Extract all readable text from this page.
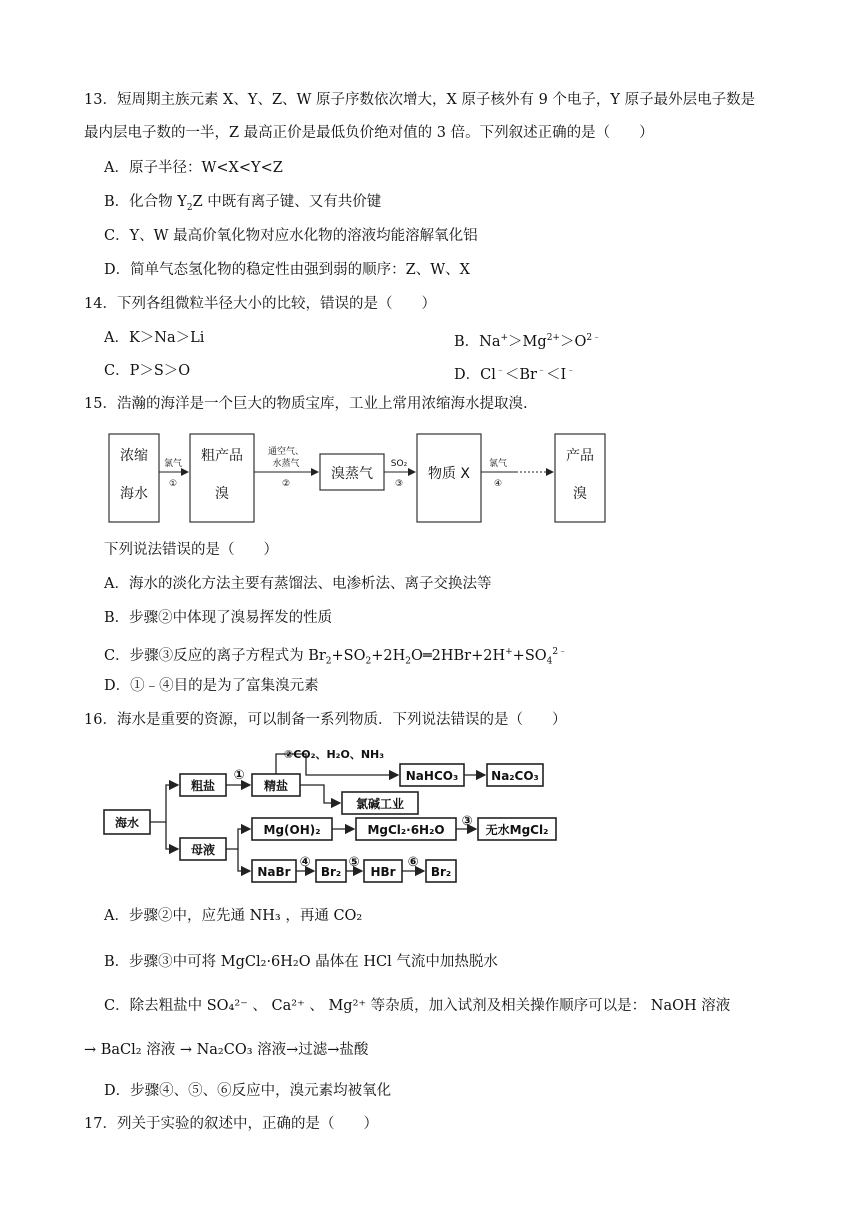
13．短周期主族元素 X、Y、Z、W 原子序数依次增大，X 原子核外有 9 个电子，Y 原子最外层电子数是
最内层电子数的一半，Z 最高正价是最低负价绝对值的 3 倍。下列叙述正确的是（　　）
A．原子半径：W<X<Y<Z
B．化合物 $Y_2Z$ 中既有离子键、又有共价键
C．Y、W 最高价氧化物对应水化物的溶液均能溶解氧化铝
D．简单气态氢化物的稳定性由强到弱的顺序：Z、W、X
14．下列各组微粒半径大小的比较，错误的是（　　）
A．K＞Na＞Li	B．$Na^+>Mg^{2+}>O^{2﹣}$
C．P＞S＞O	D．Cl﹣＜Br﹣＜I﹣
15．浩瀚的海洋是一个巨大的物质宝库，工业上常用浓缩海水提取溴.
浓缩
海水
粗产品
溴
溴蒸气	物质 X
产品
溴
氯气
①
通空气、
水蒸气
②
SO₂
③
氯气
④
下列说法错误的是（　　）
A．海水的淡化方法主要有蒸馏法、电渗析法、离子交换法等
B．步骤②中体现了溴易挥发的性质
C．步骤③反应的离子方程式为 $Br_2+SO_2+2H_2O═2HBr+2H^++SO_4^{2﹣}$
D．①﹣④目的是为了富集溴元素
16．海水是重要的资源，可以制备一系列物质．下列说法错误的是（　　）
海水
粗盐	精盐
母液
NaHCO₃	Na₂CO₃
氯碱工业
Mg(OH)₂	MgCl₂·6H₂O	无水MgCl₂
NaBr	Br₂ HBr	Br₂
①
②CO₂、H₂O、NH₃
③
④	⑤	⑥
A．步骤②中，应先通 NH₃ ，再通 CO₂
B．步骤③中可将 MgCl₂·6H₂O 晶体在 HCl 气流中加热脱水
C．除去粗盐中 SO₄²⁻ 、 Ca²⁺ 、 Mg²⁺ 等杂质，加入试剂及相关操作顺序可以是： NaOH 溶液
→ BaCl₂ 溶液 → Na₂CO₃ 溶液→过滤→盐酸
D．步骤④、⑤、⑥反应中，溴元素均被氧化
17．列关于实验的叙述中，正确的是（　　）
